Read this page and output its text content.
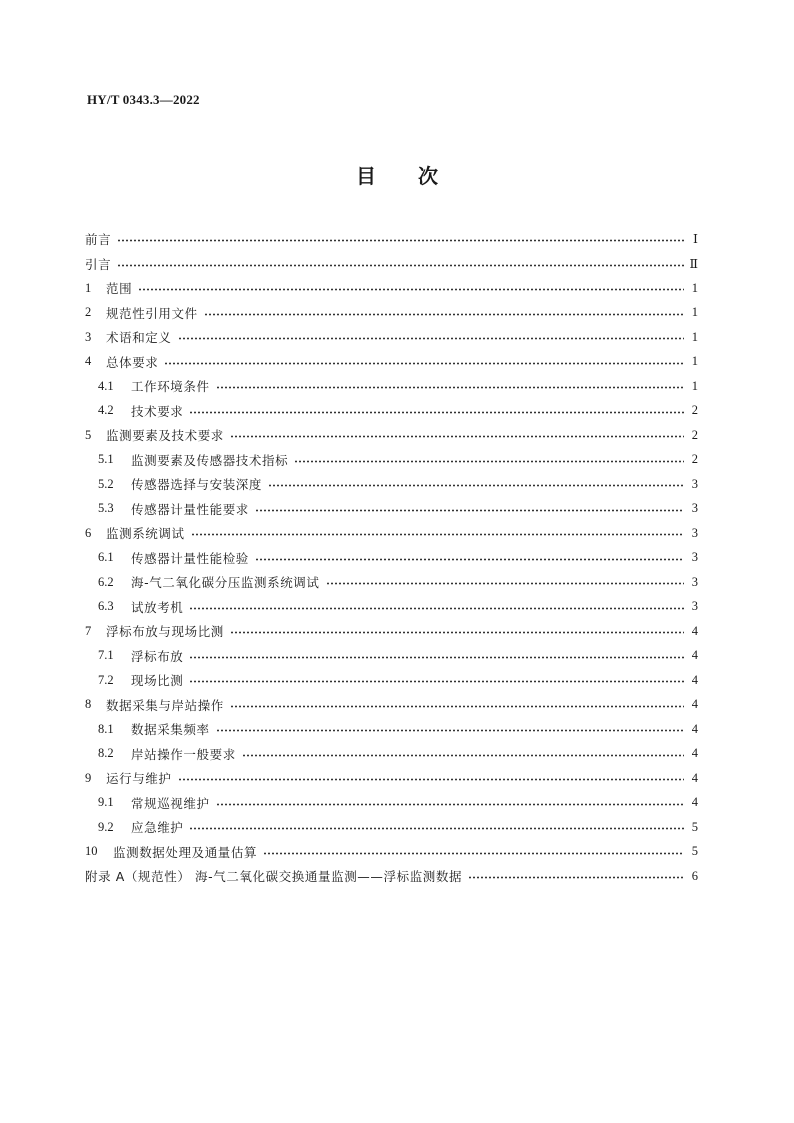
HY/T 0343.3—2022
目 次
前言	Ⅰ
引言	Ⅱ
1	范围	1
2	规范性引用文件	1
3	术语和定义	1
4	总体要求	1
4.1	工作环境条件	1
4.2	技术要求	2
5	监测要素及技术要求	2
5.1	监测要素及传感器技术指标	2
5.2	传感器选择与安装深度	3
5.3	传感器计量性能要求	3
6	监测系统调试	3
6.1	传感器计量性能检验	3
6.2	海-气二氧化碳分压监测系统调试	3
6.3	试放考机	3
7	浮标布放与现场比测	4
7.1	浮标布放	4
7.2	现场比测	4
8	数据采集与岸站操作	4
8.1	数据采集频率	4
8.2	岸站操作一般要求	4
9	运行与维护	4
9.1	常规巡视维护	4
9.2	应急维护	5
10	监测数据处理及通量估算	5
附录 A（规范性） 海-气二氧化碳交换通量监测——浮标监测数据	6
